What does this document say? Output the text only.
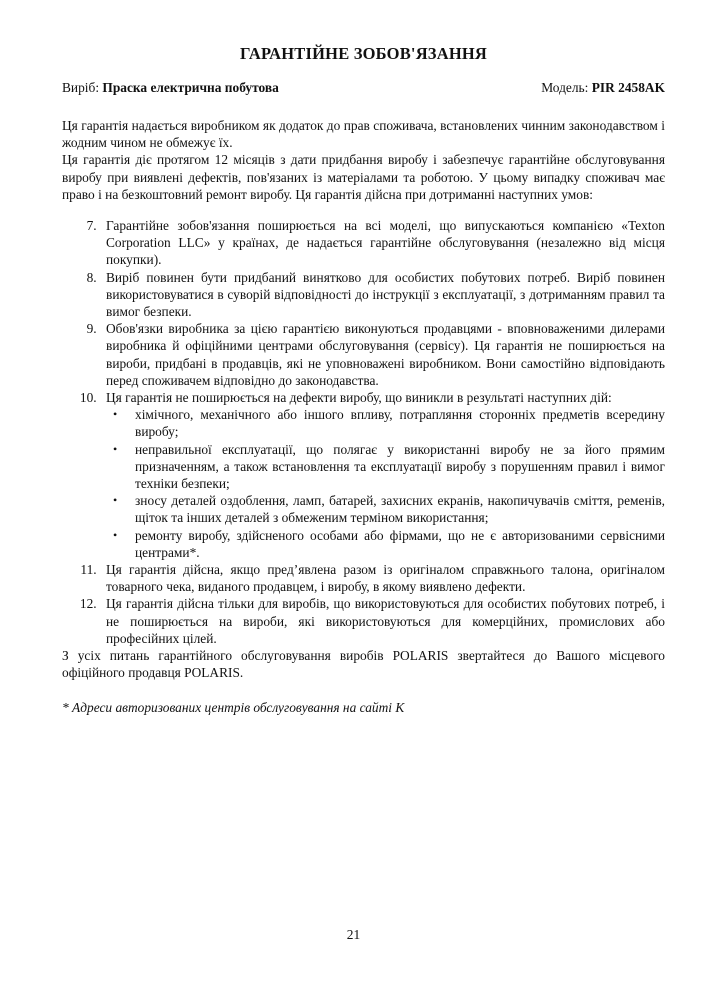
ГАРАНТІЙНЕ ЗОБОВ'ЯЗАННЯ
Виріб: Праска електрична побутова	Модель: PIR 2458AK

Ця гарантія надається виробником як додаток до прав споживача, встановлених чинним законодавством і жодним чином не обмежує їх.

Ця гарантія діє протягом 12 місяців з дати придбання виробу і забезпечує гарантійне обслуговування виробу при виявлені дефектів, пов'язаних із матеріалами та роботою. У цьому випадку споживач має право і на безкоштовний ремонт виробу. Ця гарантія дійсна при дотриманні наступних умов:

7. Гарантійне зобов'язання поширюється на всі моделі, що випускаються компанією «Texton Corporation LLC» у країнах, де надається гарантійне обслуговування (незалежно від місця покупки).
8. Виріб повинен бути придбаний винятково для особистих побутових потреб. Виріб повинен використовуватися в суворій відповідності до інструкції з експлуатації, з дотриманням правил та вимог безпеки.
9. Обов'язки виробника за цією гарантією виконуються продавцями - вповноваженими дилерами виробника й офіційними центрами обслуговування (сервісу). Ця гарантія не поширюється на вироби, придбані в продавців, які не уповноважені виробником. Вони самостійно відповідають перед споживачем відповідно до законодавства.
10. Ця гарантія не поширюється на дефекти виробу, що виникли в результаті наступних дій:
• хімічного, механічного або іншого впливу, потрапляння сторонніх предметів всередину виробу;
• неправильної експлуатації, що полягає у використанні виробу не за його прямим призначенням, а також встановлення та експлуатації виробу з порушенням правил і вимог техніки безпеки;
• зносу деталей оздоблення, ламп, батарей, захисних екранів, накопичувачів сміття, ременів, щіток та інших деталей з обмеженим терміном використання;
• ремонту виробу, здійсненого особами або фірмами, що не є авторизованими сервісними центрами*.
11. Ця гарантія дійсна, якщо пред’явлена разом із оригіналом справжнього талона, оригіналом товарного чека, виданого продавцем, і виробу, в якому виявлено дефекти.
12. Ця гарантія дійсна тільки для виробів, що використовуються для особистих побутових потреб, і не поширюється на вироби, які використовуються для комерційних, промислових або професійних цілей.

З усіх питань гарантійного обслуговування виробів POLARIS звертайтеся до Вашого місцевого офіційного продавця POLARIS.

* Адреси авторизованих центрів обслуговування на сайті К
21
